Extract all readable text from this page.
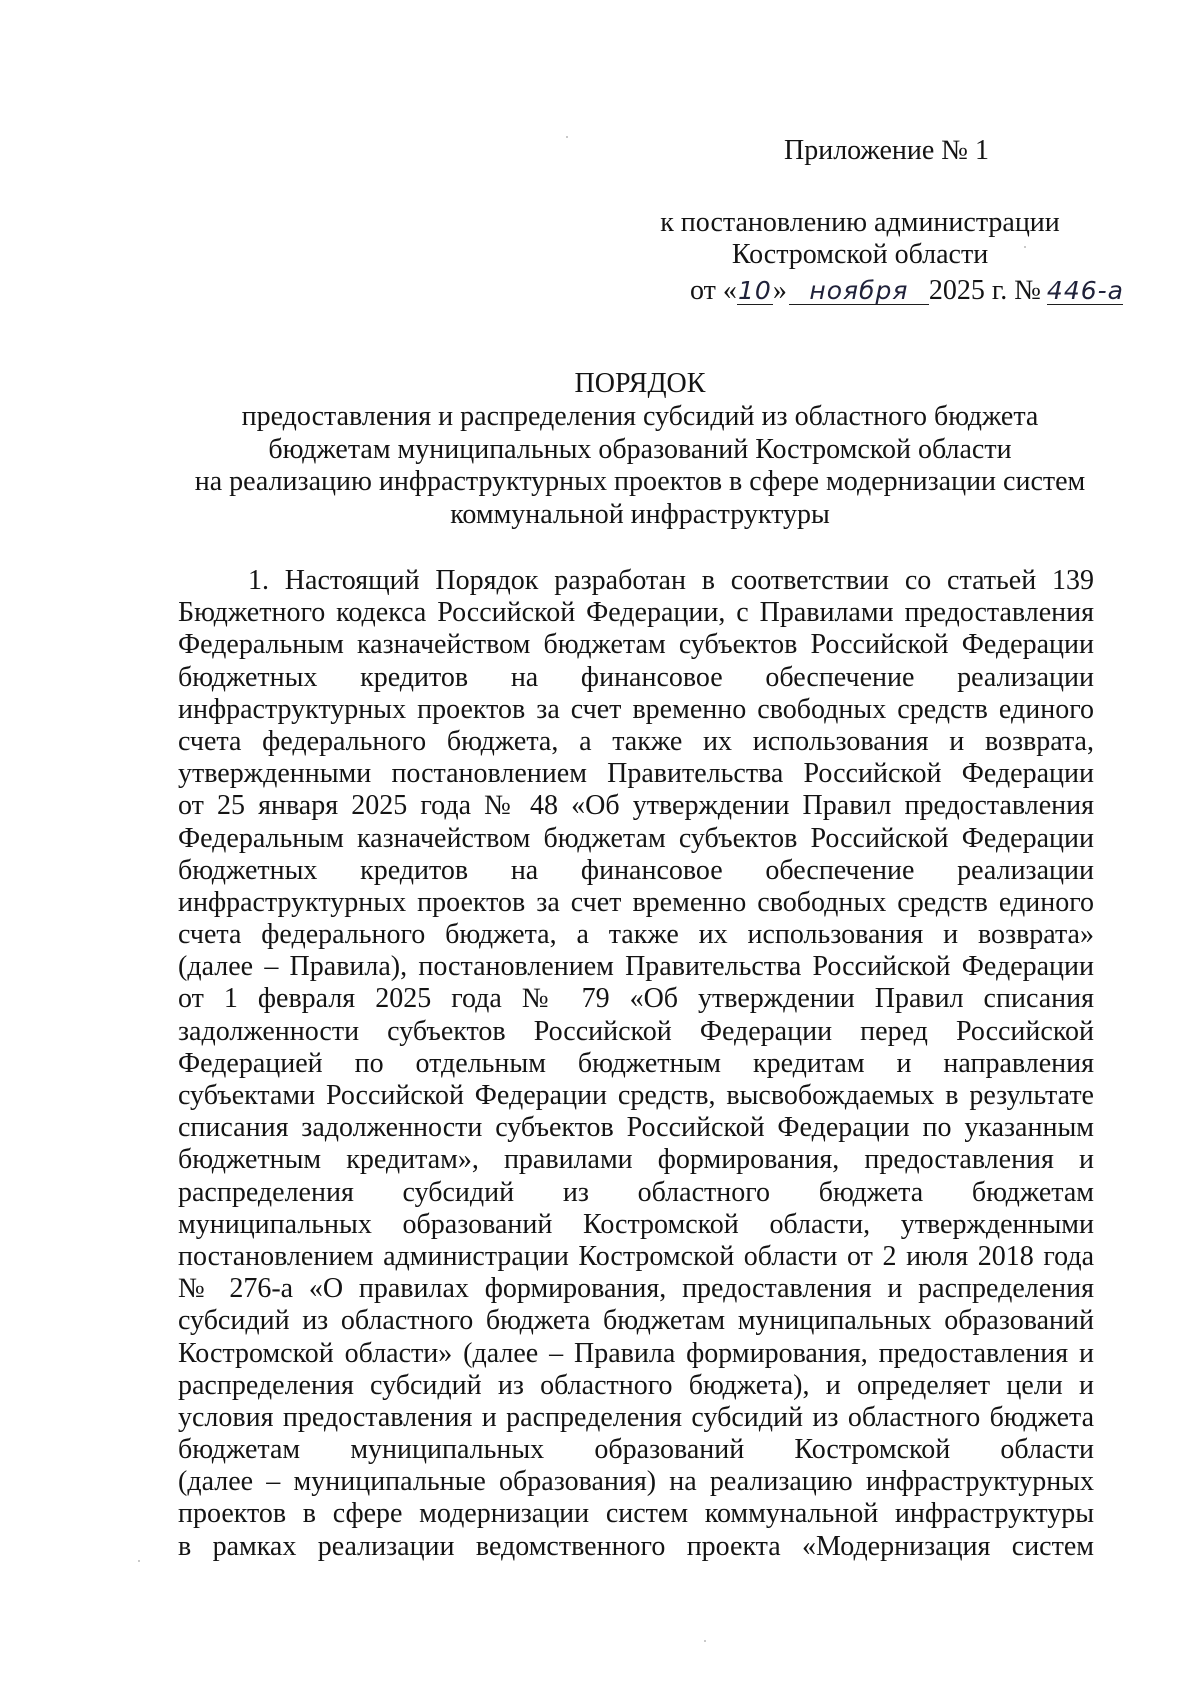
Приложение № 1
к постановлению администрации
Костромской области
от «10» ноября 2025 г. № 446-а
ПОРЯДОК
предоставления и распределения субсидий из областного бюджета
бюджетам муниципальных образований Костромской области
на реализацию инфраструктурных проектов в сфере модернизации систем
коммунальной инфраструктуры
1. Настоящий Порядок разработан в соответствии со статьей 139
Бюджетного кодекса Российской Федерации, с Правилами предоставления
Федеральным казначейством бюджетам субъектов Российской Федерации
бюджетных кредитов на финансовое обеспечение реализации
инфраструктурных проектов за счет временно свободных средств единого
счета федерального бюджета, а также их использования и возврата,
утвержденными постановлением Правительства Российской Федерации
от 25 января 2025 года № 48 «Об утверждении Правил предоставления
Федеральным казначейством бюджетам субъектов Российской Федерации
бюджетных кредитов на финансовое обеспечение реализации
инфраструктурных проектов за счет временно свободных средств единого
счета федерального бюджета, а также их использования и возврата»
(далее – Правила), постановлением Правительства Российской Федерации
от 1 февраля 2025 года № 79 «Об утверждении Правил списания
задолженности субъектов Российской Федерации перед Российской
Федерацией по отдельным бюджетным кредитам и направления
субъектами Российской Федерации средств, высвобождаемых в результате
списания задолженности субъектов Российской Федерации по указанным
бюджетным кредитам», правилами формирования, предоставления и
распределения субсидий из областного бюджета бюджетам
муниципальных образований Костромской области, утвержденными
постановлением администрации Костромской области от 2 июля 2018 года
№ 276-а «О правилах формирования, предоставления и распределения
субсидий из областного бюджета бюджетам муниципальных образований
Костромской области» (далее – Правила формирования, предоставления и
распределения субсидий из областного бюджета), и определяет цели и
условия предоставления и распределения субсидий из областного бюджета
бюджетам муниципальных образований Костромской области
(далее – муниципальные образования) на реализацию инфраструктурных
проектов в сфере модернизации систем коммунальной инфраструктуры
в рамках реализации ведомственного проекта «Модернизация систем
